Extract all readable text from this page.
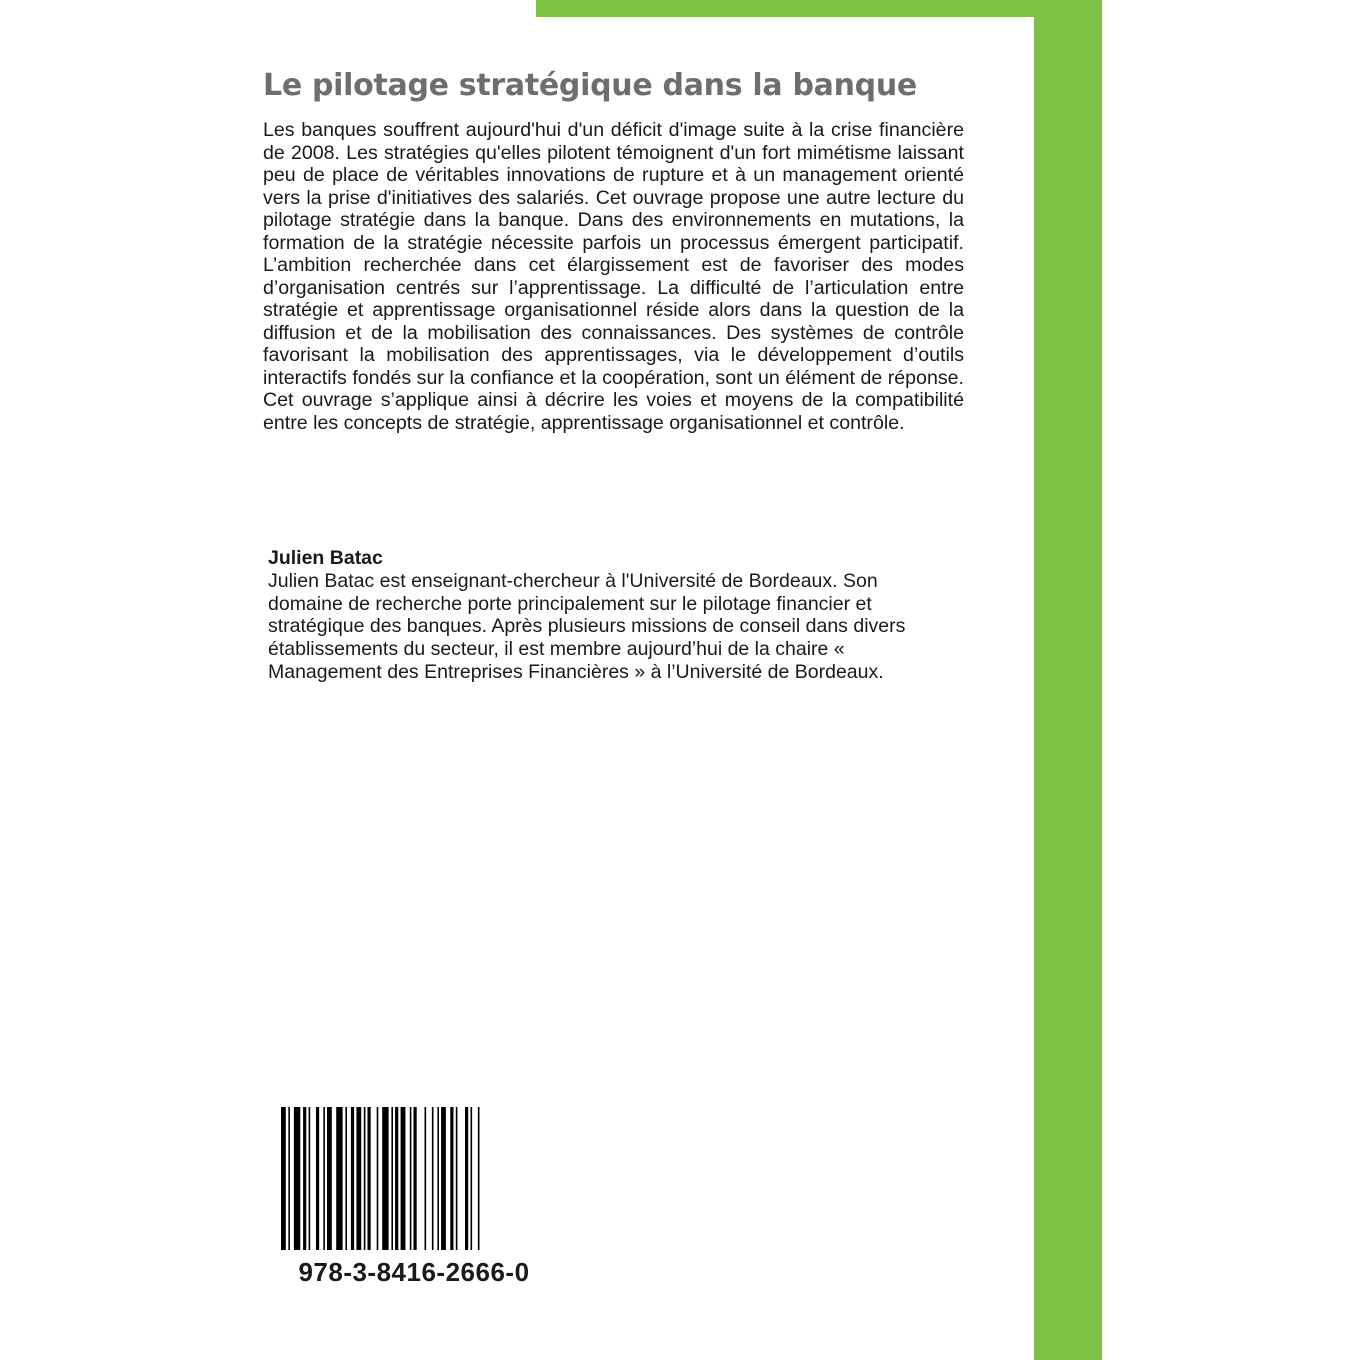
Le pilotage stratégique dans la banque

Les banques souffrent aujourd'hui d'un déficit d'image suite à la crise financière de 2008. Les stratégies qu'elles pilotent témoignent d'un fort mimétisme laissant peu de place de véritables innovations de rupture et à un management orienté vers la prise d'initiatives des salariés. Cet ouvrage propose une autre lecture du pilotage stratégie dans la banque. Dans des environnements en mutations, la formation de la stratégie nécessite parfois un processus émergent participatif. L’ambition recherchée dans cet élargissement est de favoriser des modes d’organisation centrés sur l’apprentissage. La difficulté de l’articulation entre stratégie et apprentissage organisationnel réside alors dans la question de la diffusion et de la mobilisation des connaissances. Des systèmes de contrôle favorisant la mobilisation des apprentissages, via le développement d’outils interactifs fondés sur la confiance et la coopération, sont un élément de réponse. Cet ouvrage s’applique ainsi à décrire les voies et moyens de la compatibilité entre les concepts de stratégie, apprentissage organisationnel et contrôle.

Julien Batac

Julien Batac est enseignant-chercheur à l'Université de Bordeaux. Son
domaine de recherche porte principalement sur le pilotage financier et
stratégique des banques. Après plusieurs missions de conseil dans divers
établissements du secteur, il est membre aujourd’hui de la chaire «
Management des Entreprises Financières » à l’Université de Bordeaux.

978-3-8416-2666-0
